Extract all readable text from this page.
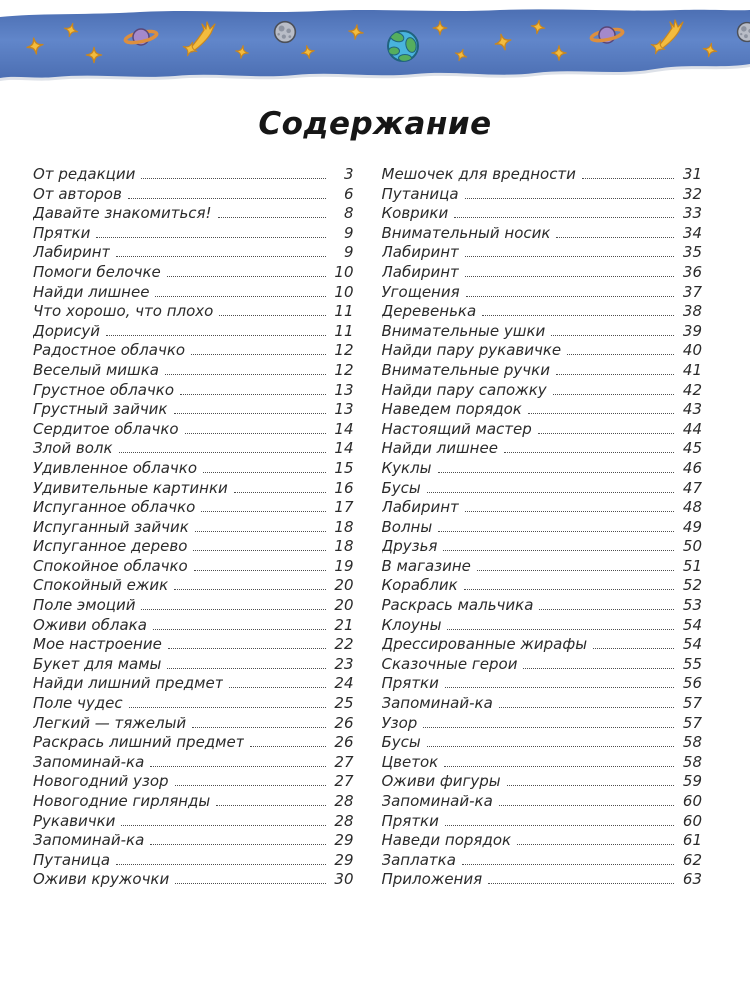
Содержание
От редакции	3
От авторов	6
Давайте знакомиться!	8
Прятки	9
Лабиринт	9
Помоги белочке	10
Найди лишнее	10
Что хорошо, что плохо	11
Дорисуй	11
Радостное облачко	12
Веселый мишка	12
Грустное облачко	13
Грустный зайчик	13
Сердитое облачко	14
Злой волк	14
Удивленное облачко	15
Удивительные картинки	16
Испуганное облачко	17
Испуганный зайчик	18
Испуганное дерево	18
Спокойное облачко	19
Спокойный ежик	20
Поле эмоций	20
Оживи облака	21
Мое настроение	22
Букет для мамы	23
Найди лишний предмет	24
Поле чудес	25
Легкий — тяжелый	26
Раскрась лишний предмет	26
Запоминай-ка	27
Новогодний узор	27
Новогодние гирлянды	28
Рукавички	28
Запоминай-ка	29
Путаница	29
Оживи кружочки	30
Мешочек для вредности	31
Путаница	32
Коврики	33
Внимательный носик	34
Лабиринт	35
Лабиринт	36
Угощения	37
Деревенька	38
Внимательные ушки	39
Найди пару рукавичке	40
Внимательные ручки	41
Найди пару сапожку	42
Наведем порядок	43
Настоящий мастер	44
Найди лишнее	45
Куклы	46
Бусы	47
Лабиринт	48
Волны	49
Друзья	50
В магазине	51
Кораблик	52
Раскрась мальчика	53
Клоуны	54
Дрессированные жирафы	54
Сказочные герои	55
Прятки	56
Запоминай-ка	57
Узор	57
Бусы	58
Цветок	58
Оживи фигуры	59
Запоминай-ка	60
Прятки	60
Наведи порядок	61
Заплатка	62
Приложения	63
